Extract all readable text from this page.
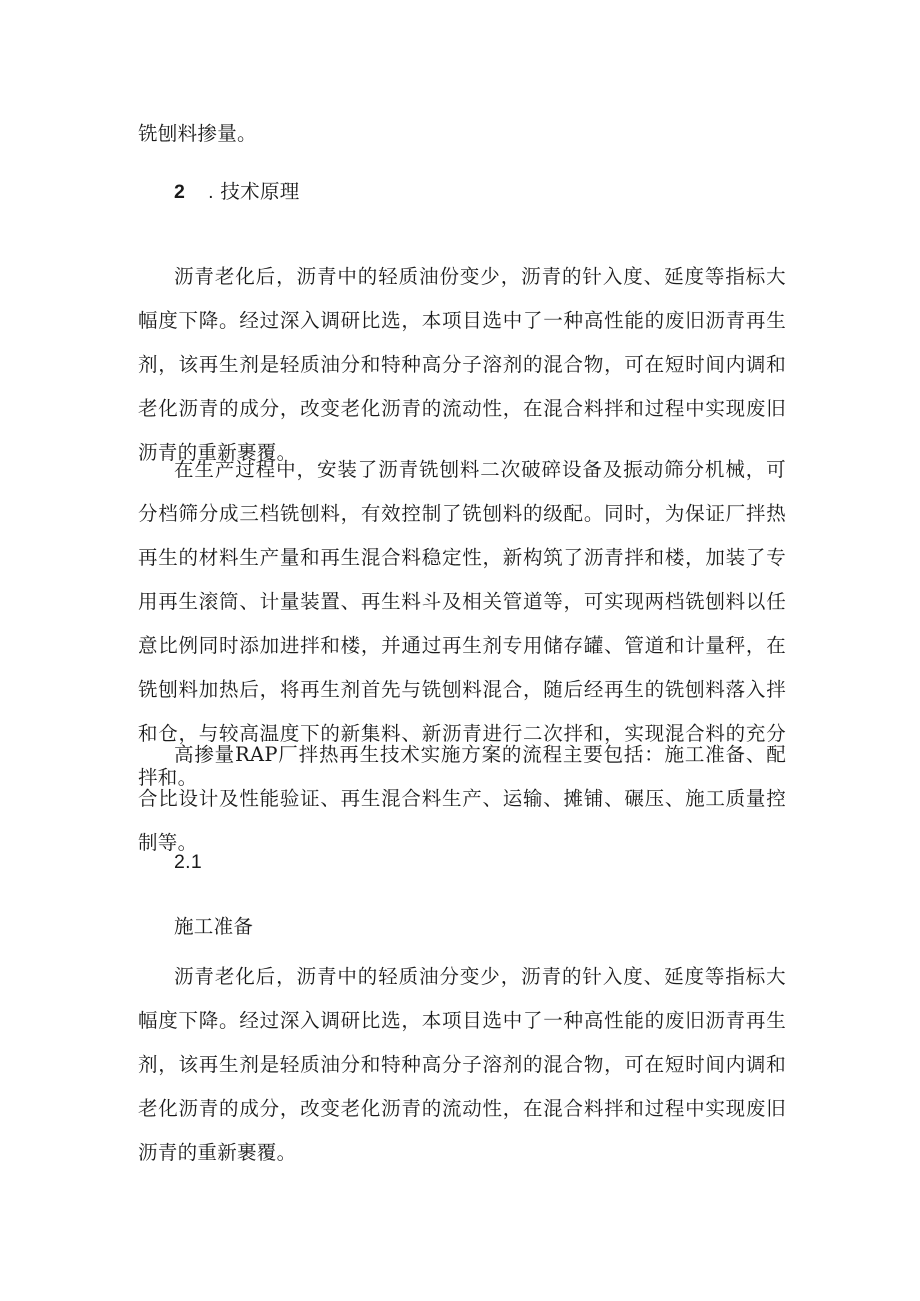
铣刨料掺量。
2 . 技术原理
沥青老化后，沥青中的轻质油份变少，沥青的针入度、延度等指标大幅度下降。经过深入调研比选，本项目选中了一种高性能的废旧沥青再生剂，该再生剂是轻质油分和特种高分子溶剂的混合物，可在短时间内调和老化沥青的成分，改变老化沥青的流动性，在混合料拌和过程中实现废旧沥青的重新裹覆。
在生产过程中，安装了沥青铣刨料二次破碎设备及振动筛分机械，可分档筛分成三档铣刨料，有效控制了铣刨料的级配。同时，为保证厂拌热再生的材料生产量和再生混合料稳定性，新构筑了沥青拌和楼，加装了专用再生滚筒、计量装置、再生料斗及相关管道等，可实现两档铣刨料以任意比例同时添加进拌和楼，并通过再生剂专用储存罐、管道和计量秤，在铣刨料加热后，将再生剂首先与铣刨料混合，随后经再生的铣刨料落入拌和仓，与较高温度下的新集料、新沥青进行二次拌和，实现混合料的充分拌和。
高掺量RAP厂拌热再生技术实施方案的流程主要包括：施工准备、配合比设计及性能验证、再生混合料生产、运输、摊铺、碾压、施工质量控制等。
2.1
施工准备
沥青老化后，沥青中的轻质油分变少，沥青的针入度、延度等指标大幅度下降。经过深入调研比选，本项目选中了一种高性能的废旧沥青再生剂，该再生剂是轻质油分和特种高分子溶剂的混合物，可在短时间内调和老化沥青的成分，改变老化沥青的流动性，在混合料拌和过程中实现废旧沥青的重新裹覆。
